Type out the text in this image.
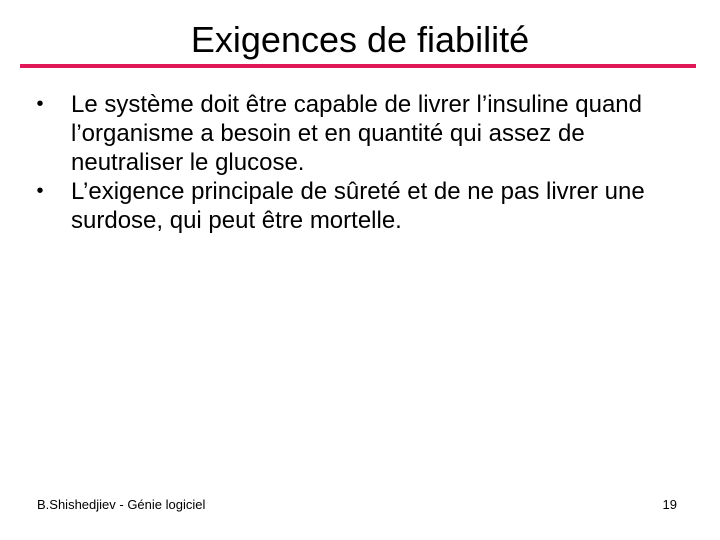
Exigences de fiabilité
• Le système doit être capable de livrer l’insuline quand l’organisme a besoin et en quantité qui assez de neutraliser le glucose.
• L’exigence principale de sûreté et de ne pas livrer une surdose, qui peut être mortelle.
B.Shishedjiev - Génie logiciel	19
